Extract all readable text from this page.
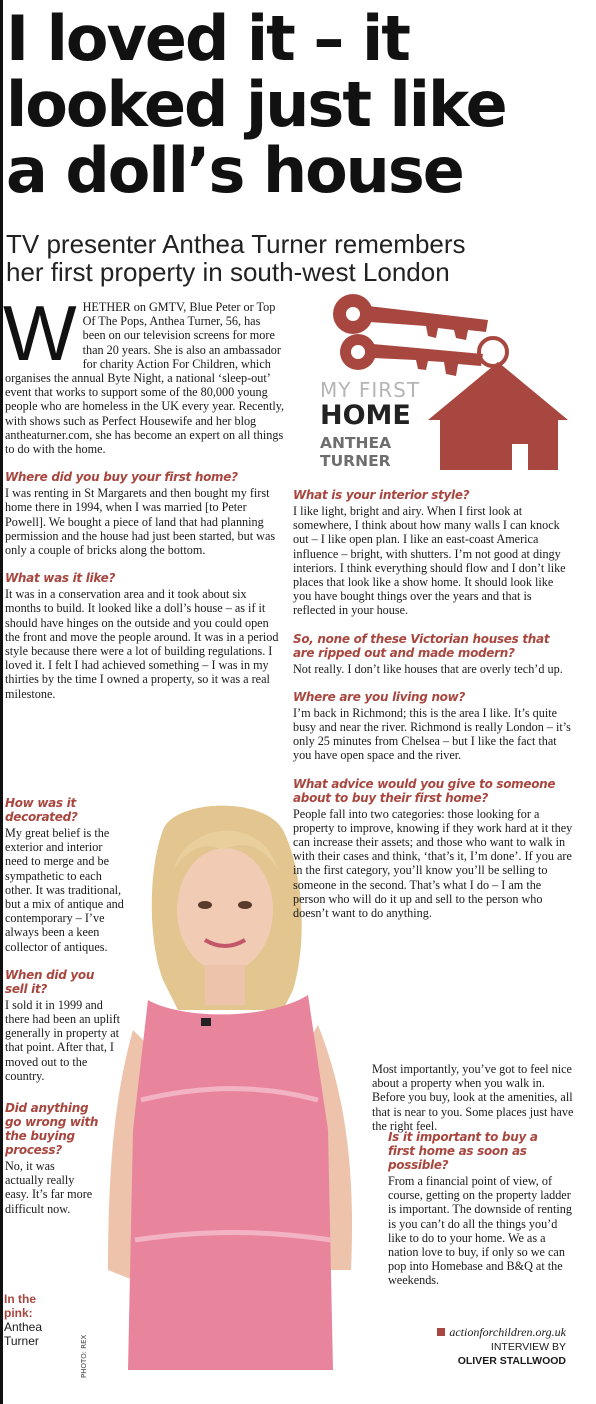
I loved it – it
looked just like
a doll’s house
TV presenter Anthea Turner remembers
her first property in south-west London
MY FIRST
HOME
ANTHEA
TURNER

WHETHER on GMTV, Blue Peter or Top Of The Pops, Anthea Turner, 56, has been on our television screens for more than 20 years. She is also an ambassador for charity Action For Children, which organises the annual Byte Night, a national ‘sleep-out’ event that works to support some of the 80,000 young people who are homeless in the UK every year. Recently, with shows such as Perfect Housewife and her blog antheaturner.com, she has become an expert on all things to do with the home.

Where did you buy your first home?

I was renting in St Margarets and then bought my first home there in 1994, when I was married [to Peter Powell]. We bought a piece of land that had planning permission and the house had just been started, but was only a couple of bricks along the bottom.

What was it like?

It was in a conservation area and it took about six months to build. It looked like a doll’s house – as if it should have hinges on the outside and you could open the front and move the people around. It was in a period style because there were a lot of building regulations. I loved it. I felt I had achieved something – I was in my thirties by the time I owned a property, so it was a real milestone.

How was it decorated?

My great belief is the exterior and interior need to merge and be sympathetic to each other. It was traditional, but a mix of antique and contemporary – I’ve always been a keen collector of antiques.

When did you sell it?

I sold it in 1999 and there had been an uplift generally in property at that point. After that, I moved out to the country.

Did anything go wrong with the buying process?

No, it was actually really easy. It’s far more difficult now.

In the pink:
Anthea Turner	PHOTO: REX
What is your interior style?

I like light, bright and airy. When I first look at somewhere, I think about how many walls I can knock out – I like open plan. I like an east-coast America influence – bright, with shutters. I’m not good at dingy interiors. I think everything should flow and I don’t like places that look like a show home. It should look like you have bought things over the years and that is reflected in your house.

So, none of these Victorian houses that are ripped out and made modern?

Not really. I don’t like houses that are overly tech’d up.

Where are you living now?

I’m back in Richmond; this is the area I like. It’s quite busy and near the river. Richmond is really London – it’s only 25 minutes from Chelsea – but I like the fact that you have open space and the river.

What advice would you give to someone about to buy their first home?

People fall into two categories: those looking for a property to improve, knowing if they work hard at it they can increase their assets; and those who want to walk in with their cases and think, ‘that’s it, I’m done’. If you are in the first category, you’ll know you’ll be selling to someone in the second. That’s what I do – I am the person who will do it up and sell to the person who doesn’t want to do anything.

Most importantly, you’ve got to feel nice about a property when you walk in. Before you buy, look at the amenities, all that is near to you. Some places just have the right feel.

Is it important to buy a first home as soon as possible?

From a financial point of view, of course, getting on the property ladder is important. The downside of renting is you can’t do all the things you’d like to do to your home. We as a nation love to buy, if only so we can pop into Homebase and B&Q at the weekends.

actionforchildren.org.uk
INTERVIEW BY
OLIVER STALLWOOD
